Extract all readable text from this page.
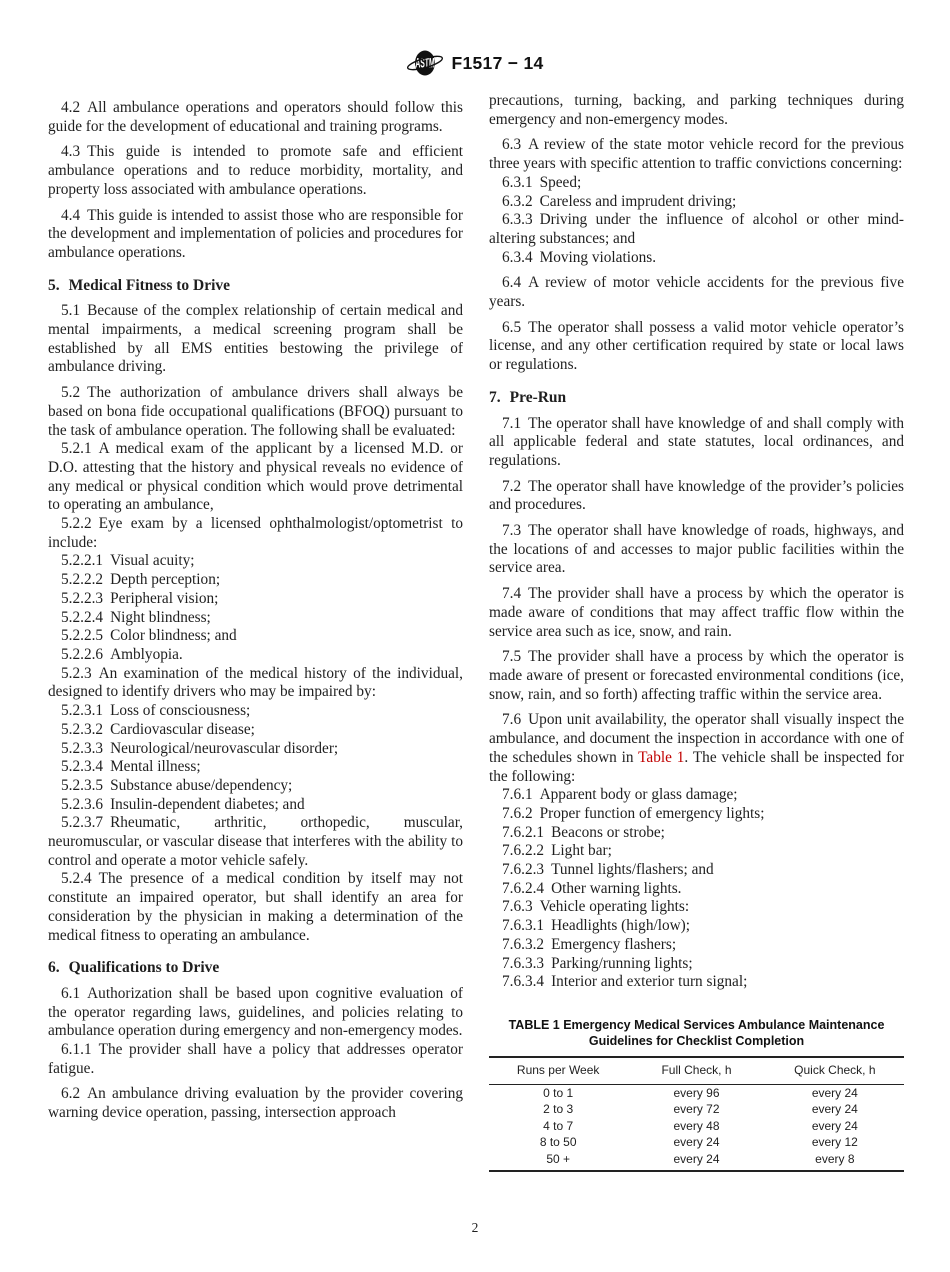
ASTM F1517 − 14

4.2 All ambulance operations and operators should follow this guide for the development of educational and training programs.

4.3 This guide is intended to promote safe and efficient ambulance operations and to reduce morbidity, mortality, and property loss associated with ambulance operations.

4.4 This guide is intended to assist those who are responsible for the development and implementation of policies and procedures for ambulance operations.

5. Medical Fitness to Drive

5.1 Because of the complex relationship of certain medical and mental impairments, a medical screening program shall be established by all EMS entities bestowing the privilege of ambulance driving.

5.2 The authorization of ambulance drivers shall always be based on bona fide occupational qualifications (BFOQ) pursuant to the task of ambulance operation. The following shall be evaluated:

5.2.1 A medical exam of the applicant by a licensed M.D. or D.O. attesting that the history and physical reveals no evidence of any medical or physical condition which would prove detrimental to operating an ambulance,

5.2.2 Eye exam by a licensed ophthalmologist/optometrist to include:

5.2.2.1 Visual acuity;

5.2.2.2 Depth perception;

5.2.2.3 Peripheral vision;

5.2.2.4 Night blindness;

5.2.2.5 Color blindness; and

5.2.2.6 Amblyopia.

5.2.3 An examination of the medical history of the individual, designed to identify drivers who may be impaired by:

5.2.3.1 Loss of consciousness;

5.2.3.2 Cardiovascular disease;

5.2.3.3 Neurological/neurovascular disorder;

5.2.3.4 Mental illness;

5.2.3.5 Substance abuse/dependency;

5.2.3.6 Insulin-dependent diabetes; and

5.2.3.7 Rheumatic, arthritic, orthopedic, muscular, neuromuscular, or vascular disease that interferes with the ability to control and operate a motor vehicle safely.

5.2.4 The presence of a medical condition by itself may not constitute an impaired operator, but shall identify an area for consideration by the physician in making a determination of the medical fitness to operating an ambulance.

6. Qualifications to Drive

6.1 Authorization shall be based upon cognitive evaluation of the operator regarding laws, guidelines, and policies relating to ambulance operation during emergency and non-emergency modes.

6.1.1 The provider shall have a policy that addresses operator fatigue.

6.2 An ambulance driving evaluation by the provider covering warning device operation, passing, intersection approach

precautions, turning, backing, and parking techniques during emergency and non-emergency modes.

6.3 A review of the state motor vehicle record for the previous three years with specific attention to traffic convictions concerning:

6.3.1 Speed;

6.3.2 Careless and imprudent driving;

6.3.3 Driving under the influence of alcohol or other mind-altering substances; and

6.3.4 Moving violations.

6.4 A review of motor vehicle accidents for the previous five years.

6.5 The operator shall possess a valid motor vehicle operator’s license, and any other certification required by state or local laws or regulations.

7. Pre-Run

7.1 The operator shall have knowledge of and shall comply with all applicable federal and state statutes, local ordinances, and regulations.

7.2 The operator shall have knowledge of the provider’s policies and procedures.

7.3 The operator shall have knowledge of roads, highways, and the locations of and accesses to major public facilities within the service area.

7.4 The provider shall have a process by which the operator is made aware of conditions that may affect traffic flow within the service area such as ice, snow, and rain.

7.5 The provider shall have a process by which the operator is made aware of present or forecasted environmental conditions (ice, snow, rain, and so forth) affecting traffic within the service area.

7.6 Upon unit availability, the operator shall visually inspect the ambulance, and document the inspection in accordance with one of the schedules shown in Table 1. The vehicle shall be inspected for the following:

7.6.1 Apparent body or glass damage;

7.6.2 Proper function of emergency lights;

7.6.2.1 Beacons or strobe;

7.6.2.2 Light bar;

7.6.2.3 Tunnel lights/flashers; and

7.6.2.4 Other warning lights.

7.6.3 Vehicle operating lights:

7.6.3.1 Headlights (high/low);

7.6.3.2 Emergency flashers;

7.6.3.3 Parking/running lights;

7.6.3.4 Interior and exterior turn signal;

TABLE 1 Emergency Medical Services Ambulance Maintenance Guidelines for Checklist Completion
Runs per Week	Full Check, h	Quick Check, h
0 to 1	every 96	every 24
2 to 3	every 72	every 24
4 to 7	every 48	every 24
8 to 50	every 24	every 12
50 +	every 24	every 8
2
